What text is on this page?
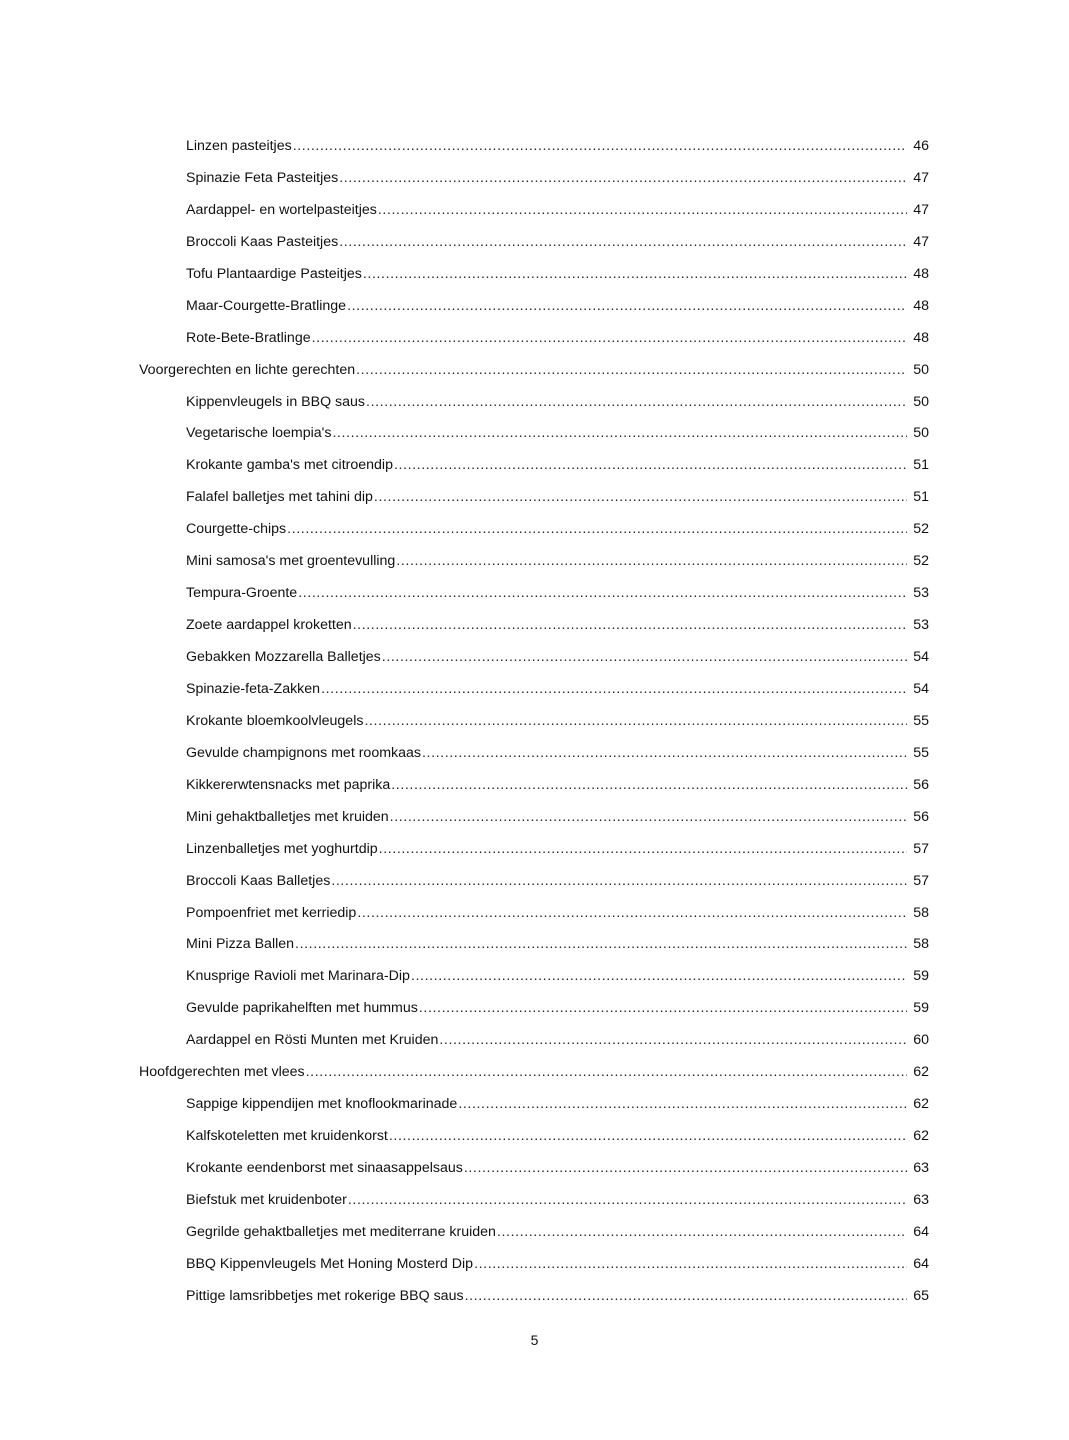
Linzen pasteitjes .....	46
Spinazie Feta Pasteitjes .....	47
Aardappel- en wortelpasteitjes .....	47
Broccoli Kaas Pasteitjes .....	47
Tofu Plantaardige Pasteitjes .....	48
Maar-Courgette-Bratlinge .....	48
Rote-Bete-Bratlinge .....	48
Voorgerechten en lichte gerechten .....	50
Kippenvleugels in BBQ saus .....	50
Vegetarische loempia's .....	50
Krokante gamba's met citroendip .....	51
Falafel balletjes met tahini dip .....	51
Courgette-chips .....	52
Mini samosa's met groentevulling .....	52
Tempura-Groente .....	53
Zoete aardappel kroketten .....	53
Gebakken Mozzarella Balletjes .....	54
Spinazie-feta-Zakken .....	54
Krokante bloemkoolvleugels .....	55
Gevulde champignons met roomkaas .....	55
Kikkererwtensnacks met paprika .....	56
Mini gehaktballetjes met kruiden .....	56
Linzenballetjes met yoghurtdip .....	57
Broccoli Kaas Balletjes .....	57
Pompoenfriet met kerriedip .....	58
Mini Pizza Ballen .....	58
Knusprige Ravioli met Marinara-Dip .....	59
Gevulde paprikahelften met hummus .....	59
Aardappel en Rösti Munten met Kruiden .....	60
Hoofdgerechten met vlees .....	62
Sappige kippendijen met knoflookmarinade .....	62
Kalfskoteletten met kruidenkorst .....	62
Krokante eendenborst met sinaasappelsaus .....	63
Biefstuk met kruidenboter .....	63
Gegrilde gehaktballetjes met mediterrane kruiden .....	64
BBQ Kippenvleugels Met Honing Mosterd Dip .....	64
Pittige lamsribbetjes met rokerige BBQ saus .....	65
5
